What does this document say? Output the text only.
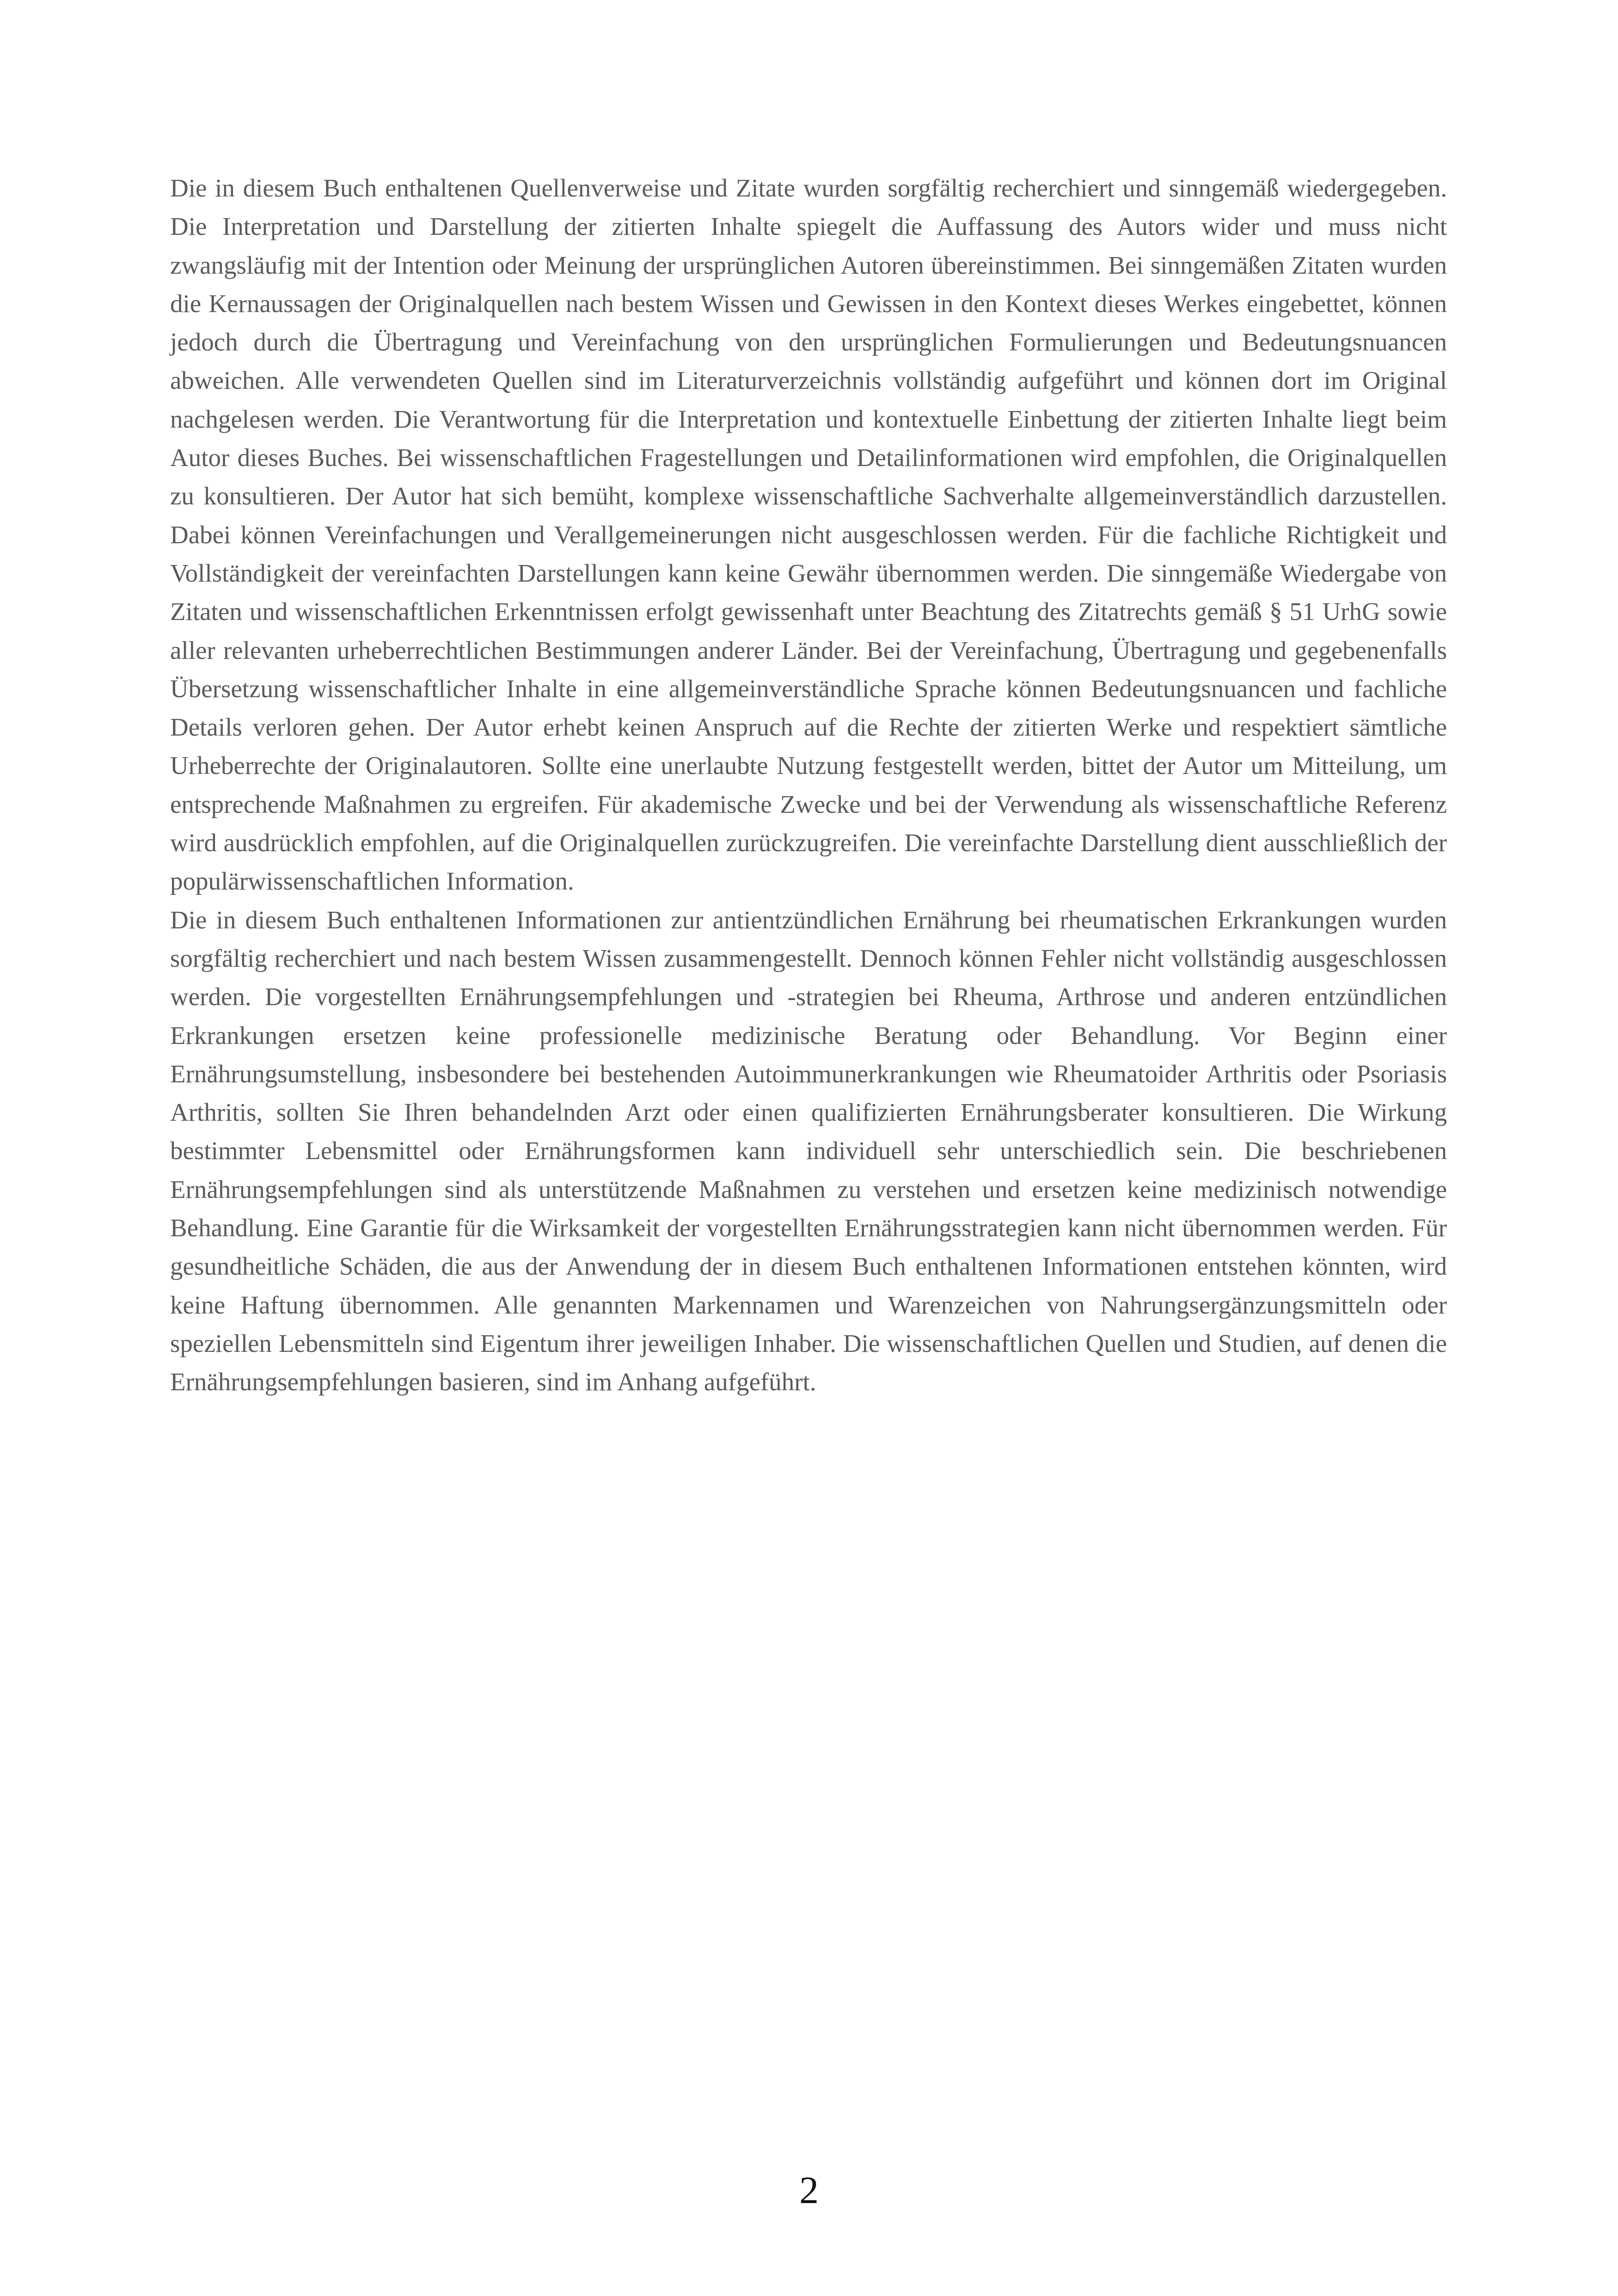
Die in diesem Buch enthaltenen Quellenverweise und Zitate wurden sorgfältig recherchiert und sinngemäß wiedergegeben. Die Interpretation und Darstellung der zitierten Inhalte spiegelt die Auffassung des Autors wider und muss nicht zwangsläufig mit der Intention oder Meinung der ursprünglichen Autoren übereinstimmen. Bei sinngemäßen Zitaten wurden die Kernaussagen der Originalquellen nach bestem Wissen und Gewissen in den Kontext dieses Werkes eingebettet, können jedoch durch die Übertragung und Vereinfachung von den ursprünglichen Formulierungen und Bedeutungsnuancen abweichen. Alle verwendeten Quellen sind im Literaturverzeichnis vollständig aufgeführt und können dort im Original nachgelesen werden. Die Verantwortung für die Interpretation und kontextuelle Einbettung der zitierten Inhalte liegt beim Autor dieses Buches. Bei wissenschaftlichen Fragestellungen und Detailinformationen wird empfohlen, die Originalquellen zu konsultieren. Der Autor hat sich bemüht, komplexe wissenschaftliche Sachverhalte allgemeinverständlich darzustellen. Dabei können Vereinfachungen und Verallgemeinerungen nicht ausgeschlossen werden. Für die fachliche Richtigkeit und Vollständigkeit der vereinfachten Darstellungen kann keine Gewähr übernommen werden. Die sinngemäße Wiedergabe von Zitaten und wissenschaftlichen Erkenntnissen erfolgt gewissenhaft unter Beachtung des Zitatrechts gemäß § 51 UrhG sowie aller relevanten urheberrechtlichen Bestimmungen anderer Länder. Bei der Vereinfachung, Übertragung und gegebenenfalls Übersetzung wissenschaftlicher Inhalte in eine allgemeinverständliche Sprache können Bedeutungsnuancen und fachliche Details verloren gehen. Der Autor erhebt keinen Anspruch auf die Rechte der zitierten Werke und respektiert sämtliche Urheberrechte der Originalautoren. Sollte eine unerlaubte Nutzung festgestellt werden, bittet der Autor um Mitteilung, um entsprechende Maßnahmen zu ergreifen. Für akademische Zwecke und bei der Verwendung als wissenschaftliche Referenz wird ausdrücklich empfohlen, auf die Originalquellen zurückzugreifen. Die vereinfachte Darstellung dient ausschließlich der populärwissenschaftlichen Information.

Die in diesem Buch enthaltenen Informationen zur antientzündlichen Ernährung bei rheumatischen Erkrankungen wurden sorgfältig recherchiert und nach bestem Wissen zusammengestellt. Dennoch können Fehler nicht vollständig ausgeschlossen werden. Die vorgestellten Ernährungsempfehlungen und -strategien bei Rheuma, Arthrose und anderen entzündlichen Erkrankungen ersetzen keine professionelle medizinische Beratung oder Behandlung. Vor Beginn einer Ernährungsumstellung, insbesondere bei bestehenden Autoimmunerkrankungen wie Rheumatoider Arthritis oder Psoriasis Arthritis, sollten Sie Ihren behandelnden Arzt oder einen qualifizierten Ernährungsberater konsultieren. Die Wirkung bestimmter Lebensmittel oder Ernährungsformen kann individuell sehr unterschiedlich sein. Die beschriebenen Ernährungsempfehlungen sind als unterstützende Maßnahmen zu verstehen und ersetzen keine medizinisch notwendige Behandlung. Eine Garantie für die Wirksamkeit der vorgestellten Ernährungsstrategien kann nicht übernommen werden. Für gesundheitliche Schäden, die aus der Anwendung der in diesem Buch enthaltenen Informationen entstehen könnten, wird keine Haftung übernommen. Alle genannten Markennamen und Warenzeichen von Nahrungsergänzungsmitteln oder speziellen Lebensmitteln sind Eigentum ihrer jeweiligen Inhaber. Die wissenschaftlichen Quellen und Studien, auf denen die Ernährungsempfehlungen basieren, sind im Anhang aufgeführt.

2
